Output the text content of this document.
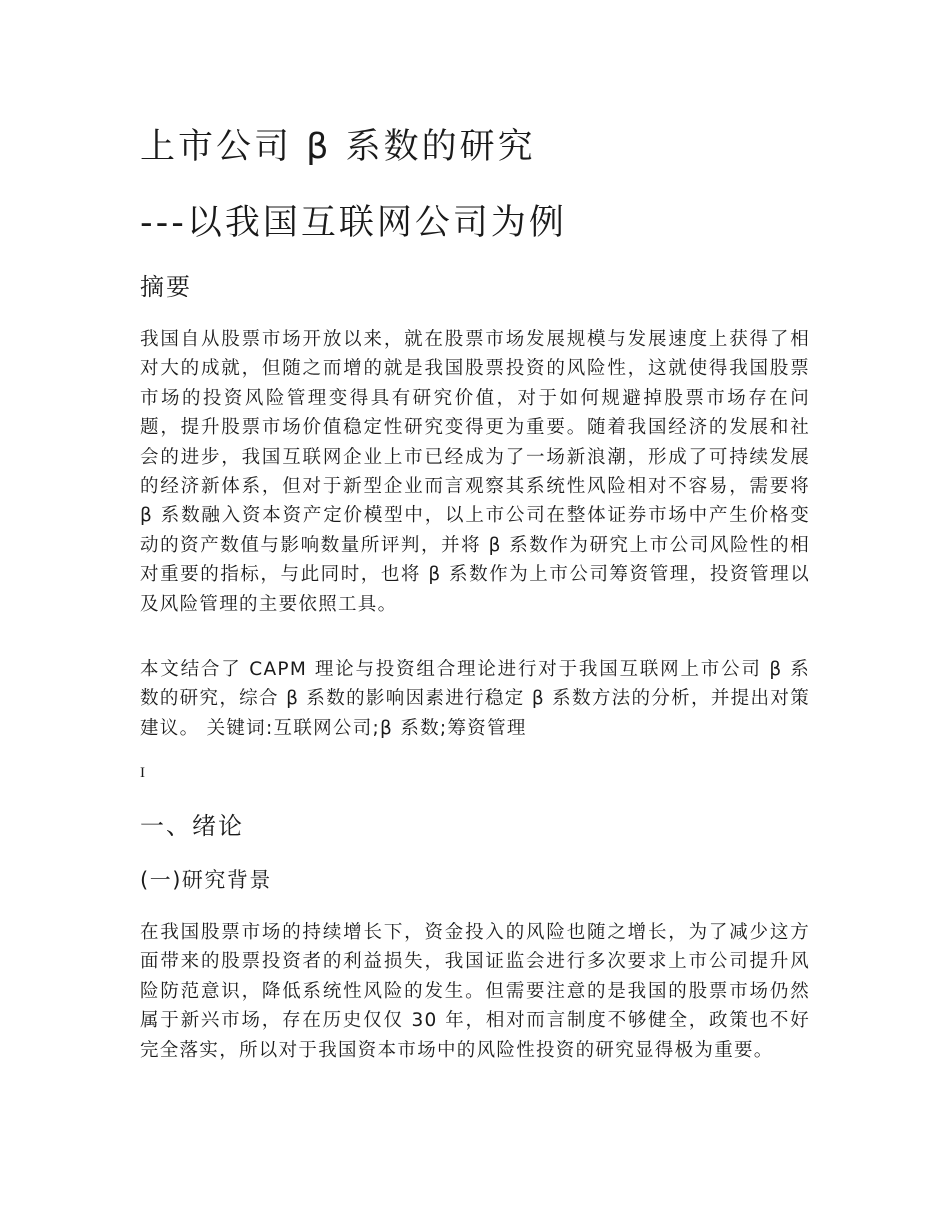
上市公司 β 系数的研究
---以我国互联网公司为例
摘要

我国自从股票市场开放以来，就在股票市场发展规模与发展速度上获得了相对大的成就，但随之而增的就是我国股票投资的风险性，这就使得我国股票市场的投资风险管理变得具有研究价值，对于如何规避掉股票市场存在问题，提升股票市场价值稳定性研究变得更为重要。随着我国经济的发展和社会的进步，我国互联网企业上市已经成为了一场新浪潮，形成了可持续发展的经济新体系，但对于新型企业而言观察其系统性风险相对不容易，需要将 β 系数融入资本资产定价模型中，以上市公司在整体证券市场中产生价格变动的资产数值与影响数量所评判，并将 β 系数作为研究上市公司风险性的相对重要的指标，与此同时，也将 β 系数作为上市公司筹资管理，投资管理以及风险管理的主要依照工具。

本文结合了 CAPM 理论与投资组合理论进行对于我国互联网上市公司 β 系数的研究，综合 β 系数的影响因素进行稳定 β 系数方法的分析，并提出对策建议。 关键词:互联网公司;β 系数;筹资管理

I
一、绪论
(一)研究背景

在我国股票市场的持续增长下，资金投入的风险也随之增长，为了减少这方面带来的股票投资者的利益损失，我国证监会进行多次要求上市公司提升风险防范意识，降低系统性风险的发生。但需要注意的是我国的股票市场仍然属于新兴市场，存在历史仅仅 30 年，相对而言制度不够健全，政策也不好完全落实，所以对于我国资本市场中的风险性投资的研究显得极为重要。
